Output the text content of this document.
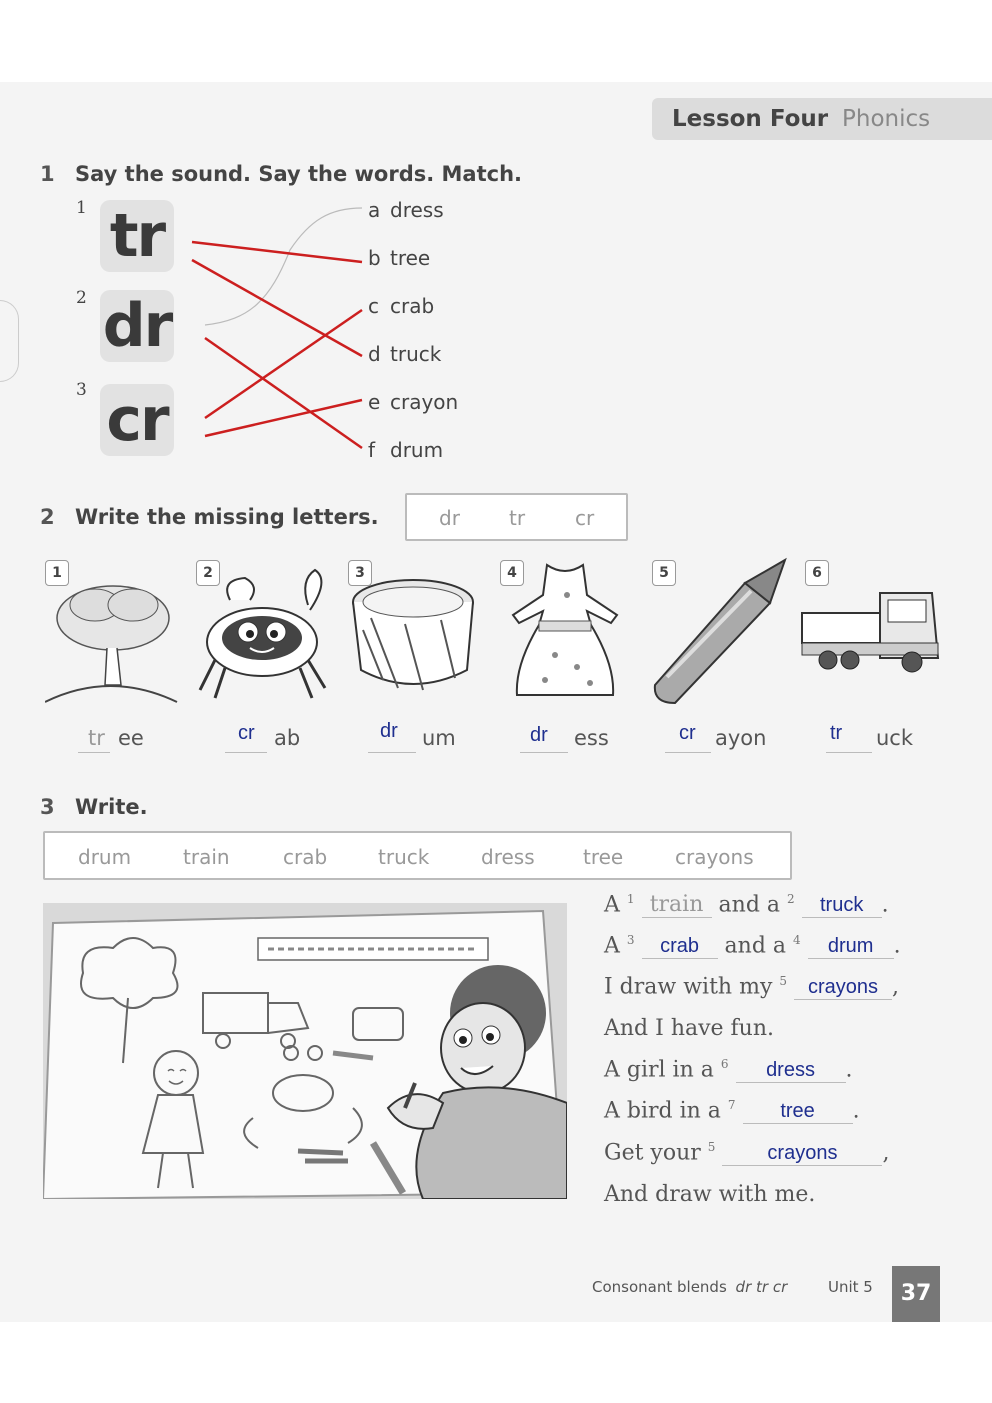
Lesson Four Phonics
1 Say the sound. Say the words. Match.
1 tr
2 dr
3 cr
a dress
b tree
c crab
d truck
e crayon
f drum
2 Write the missing letters.	dr tr cr
1	2	3	4	5	6
tr ee	cr ab	dr um	dr ess	cr ayon	tr uck
3 Write.
drum	train	crab	truck	dress tree	crayons
A $^1$ train and a $^2$ truck .
A $^3$ crab and a $^4$ drum .
I draw with my $^5$ crayons ,
And I have fun.
A girl in a $^6$ dress .
A bird in a $^7$ tree .
Get your $^5$	crayons ,
And draw with me.
Consonant blends dr tr cr	Unit 5	37
